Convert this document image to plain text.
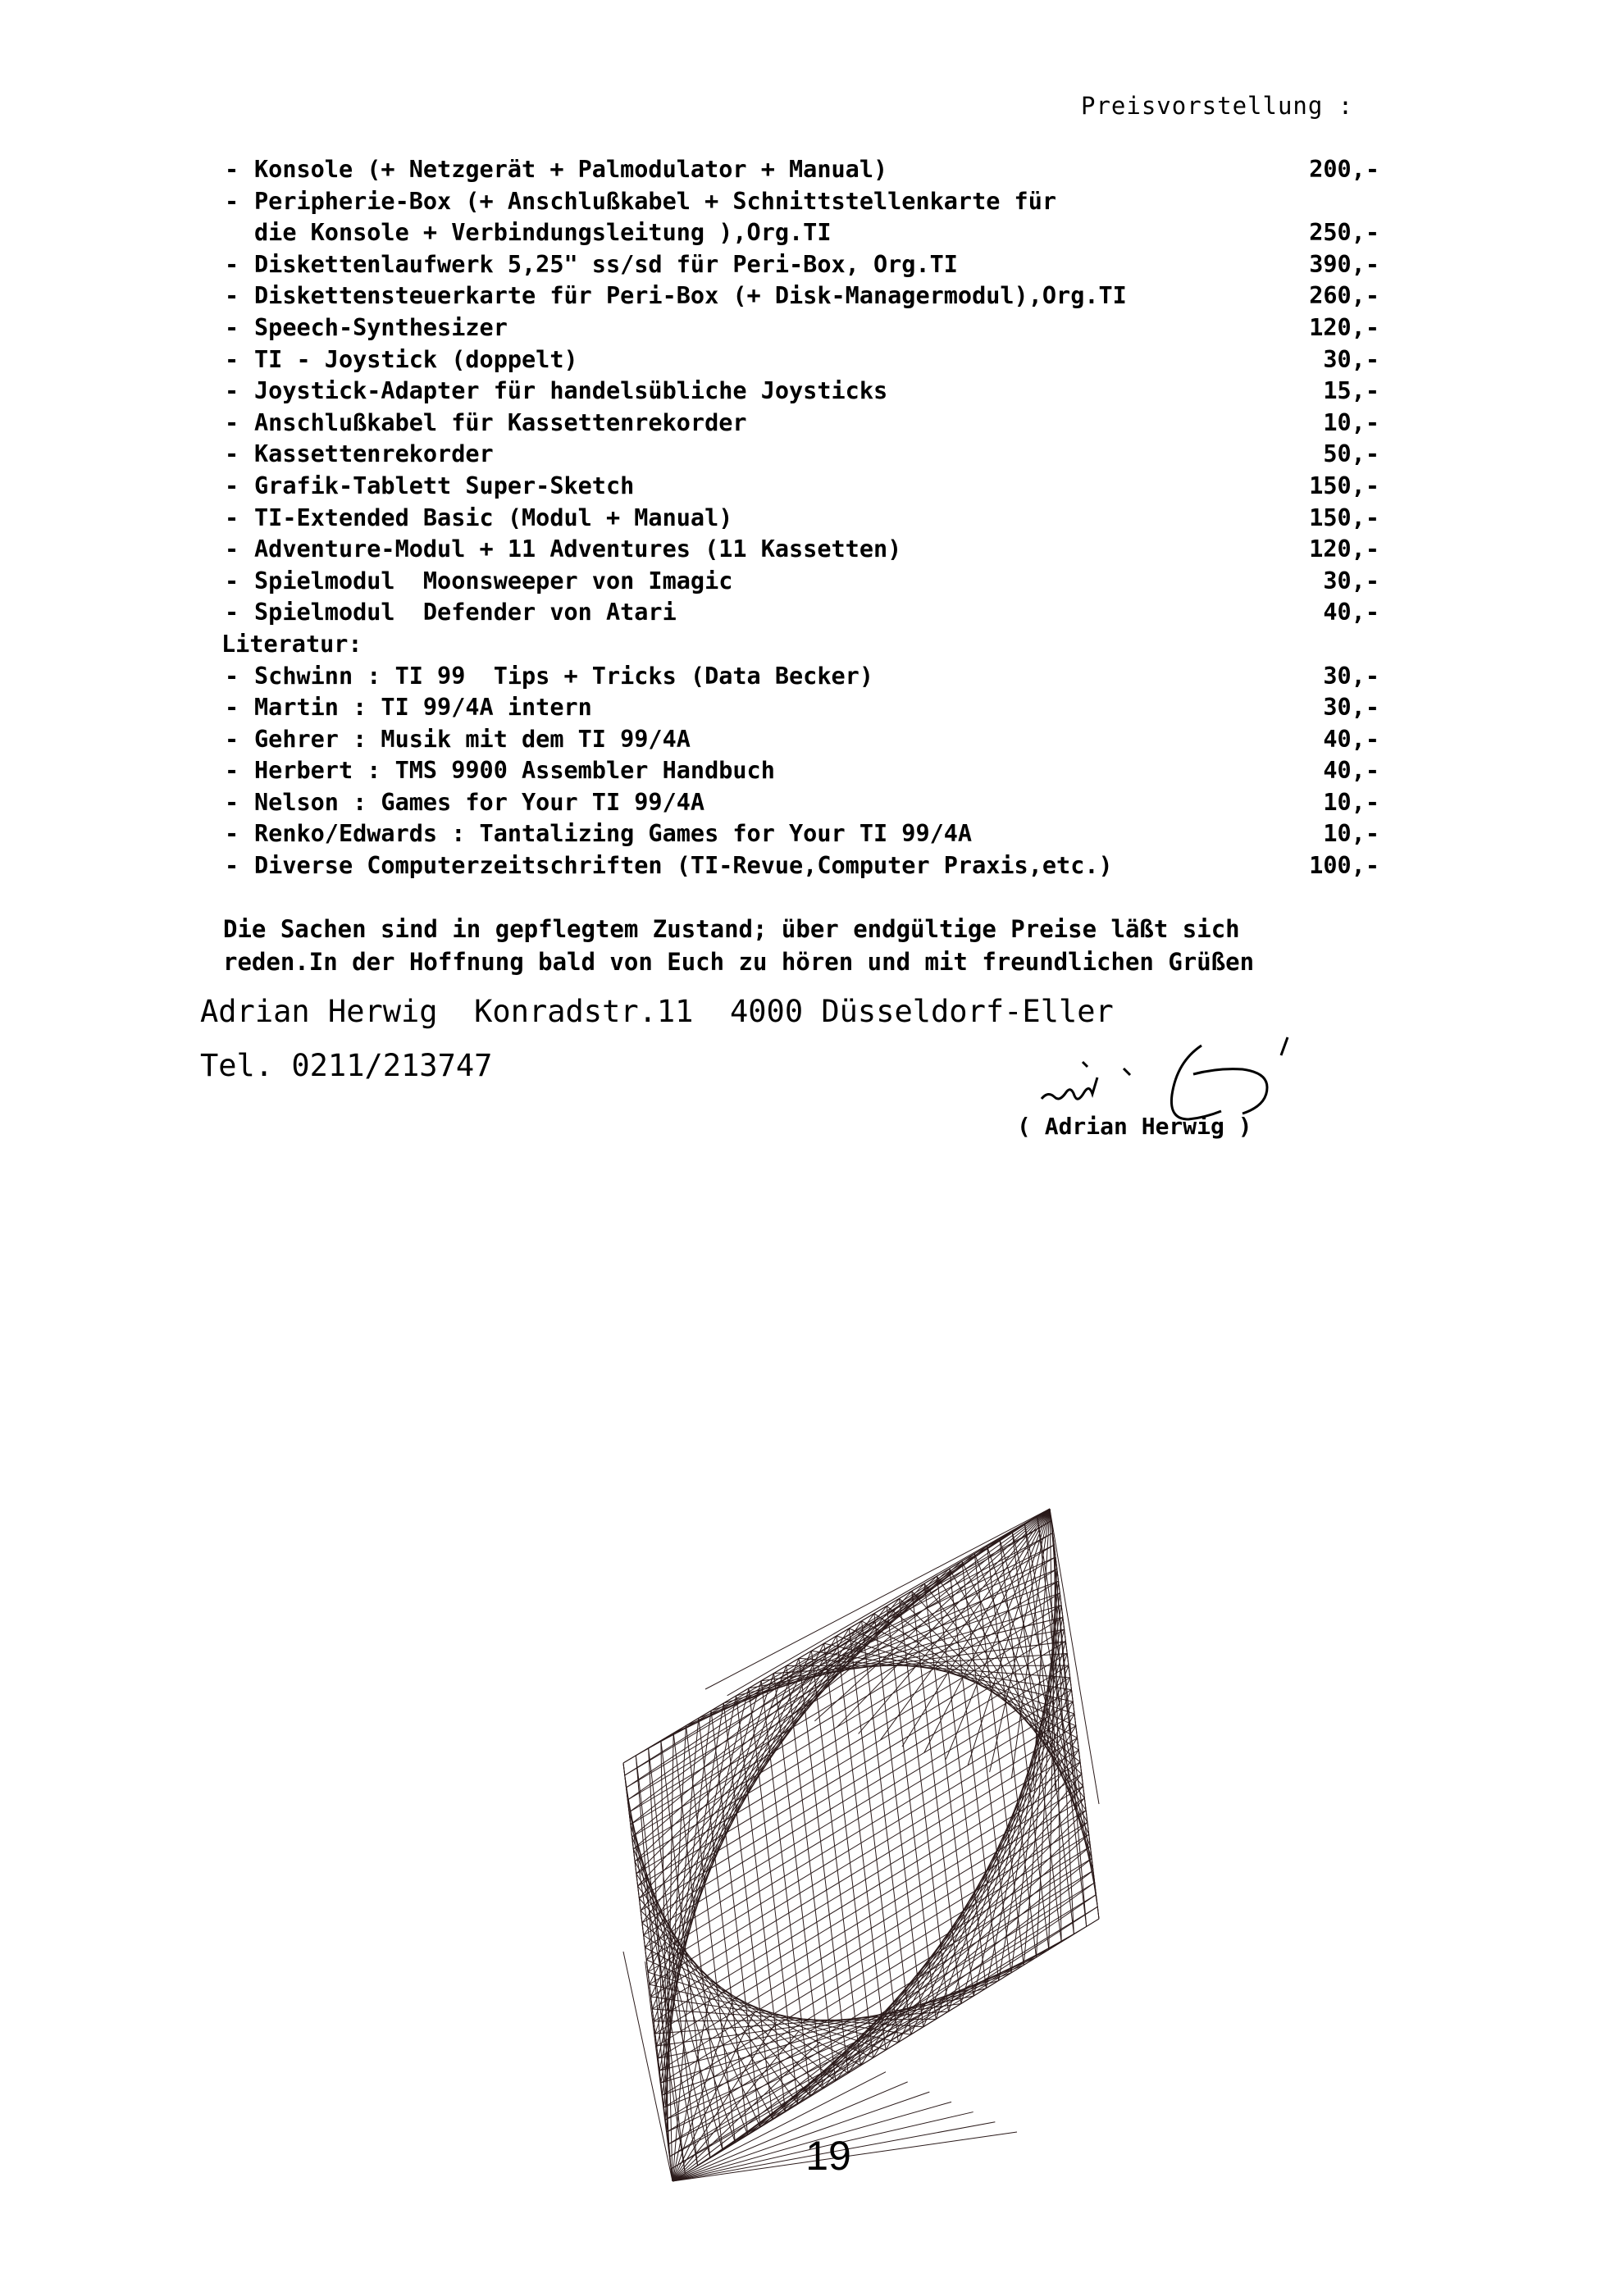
Preisvorstellung :
- Konsole (+ Netzgerät + Palmodulator + Manual)	200,-
- Peripherie-Box (+ Anschlußkabel + Schnittstellenkarte für
die Konsole + Verbindungsleitung ),Org.TI	250,-
- Diskettenlaufwerk 5,25" ss/sd für Peri-Box, Org.TI	390,-
- Diskettensteuerkarte für Peri-Box (+ Disk-Managermodul),Org.TI	260,-
- Speech-Synthesizer	120,-
- TI - Joystick (doppelt)	30,-
- Joystick-Adapter für handelsübliche Joysticks	15,-
- Anschlußkabel für Kassettenrekorder	10,-
- Kassettenrekorder	50,-
- Grafik-Tablett Super-Sketch	150,-
- TI-Extended Basic (Modul + Manual)	150,-
- Adventure-Modul + 11 Adventures (11 Kassetten)	120,-
- Spielmodul  Moonsweeper von Imagic	30,-
- Spielmodul  Defender von Atari	40,-
Literatur:
- Schwinn : TI 99  Tips + Tricks (Data Becker)	30,-
- Martin : TI 99/4A intern	30,-
- Gehrer : Musik mit dem TI 99/4A	40,-
- Herbert : TMS 9900 Assembler Handbuch	40,-
- Nelson : Games for Your TI 99/4A	10,-
- Renko/Edwards : Tantalizing Games for Your TI 99/4A	10,-
- Diverse Computerzeitschriften (TI-Revue,Computer Praxis,etc.)	100,-

Die Sachen sind in gepflegtem Zustand; über endgültige Preise läßt sich

reden.In der Hoffnung bald von Euch zu hören und mit freundlichen Grüßen

Adrian Herwig  Konradstr.11  4000 Düsseldorf-Eller
Tel. 0211/213747
( Adrian Herwig )
19
